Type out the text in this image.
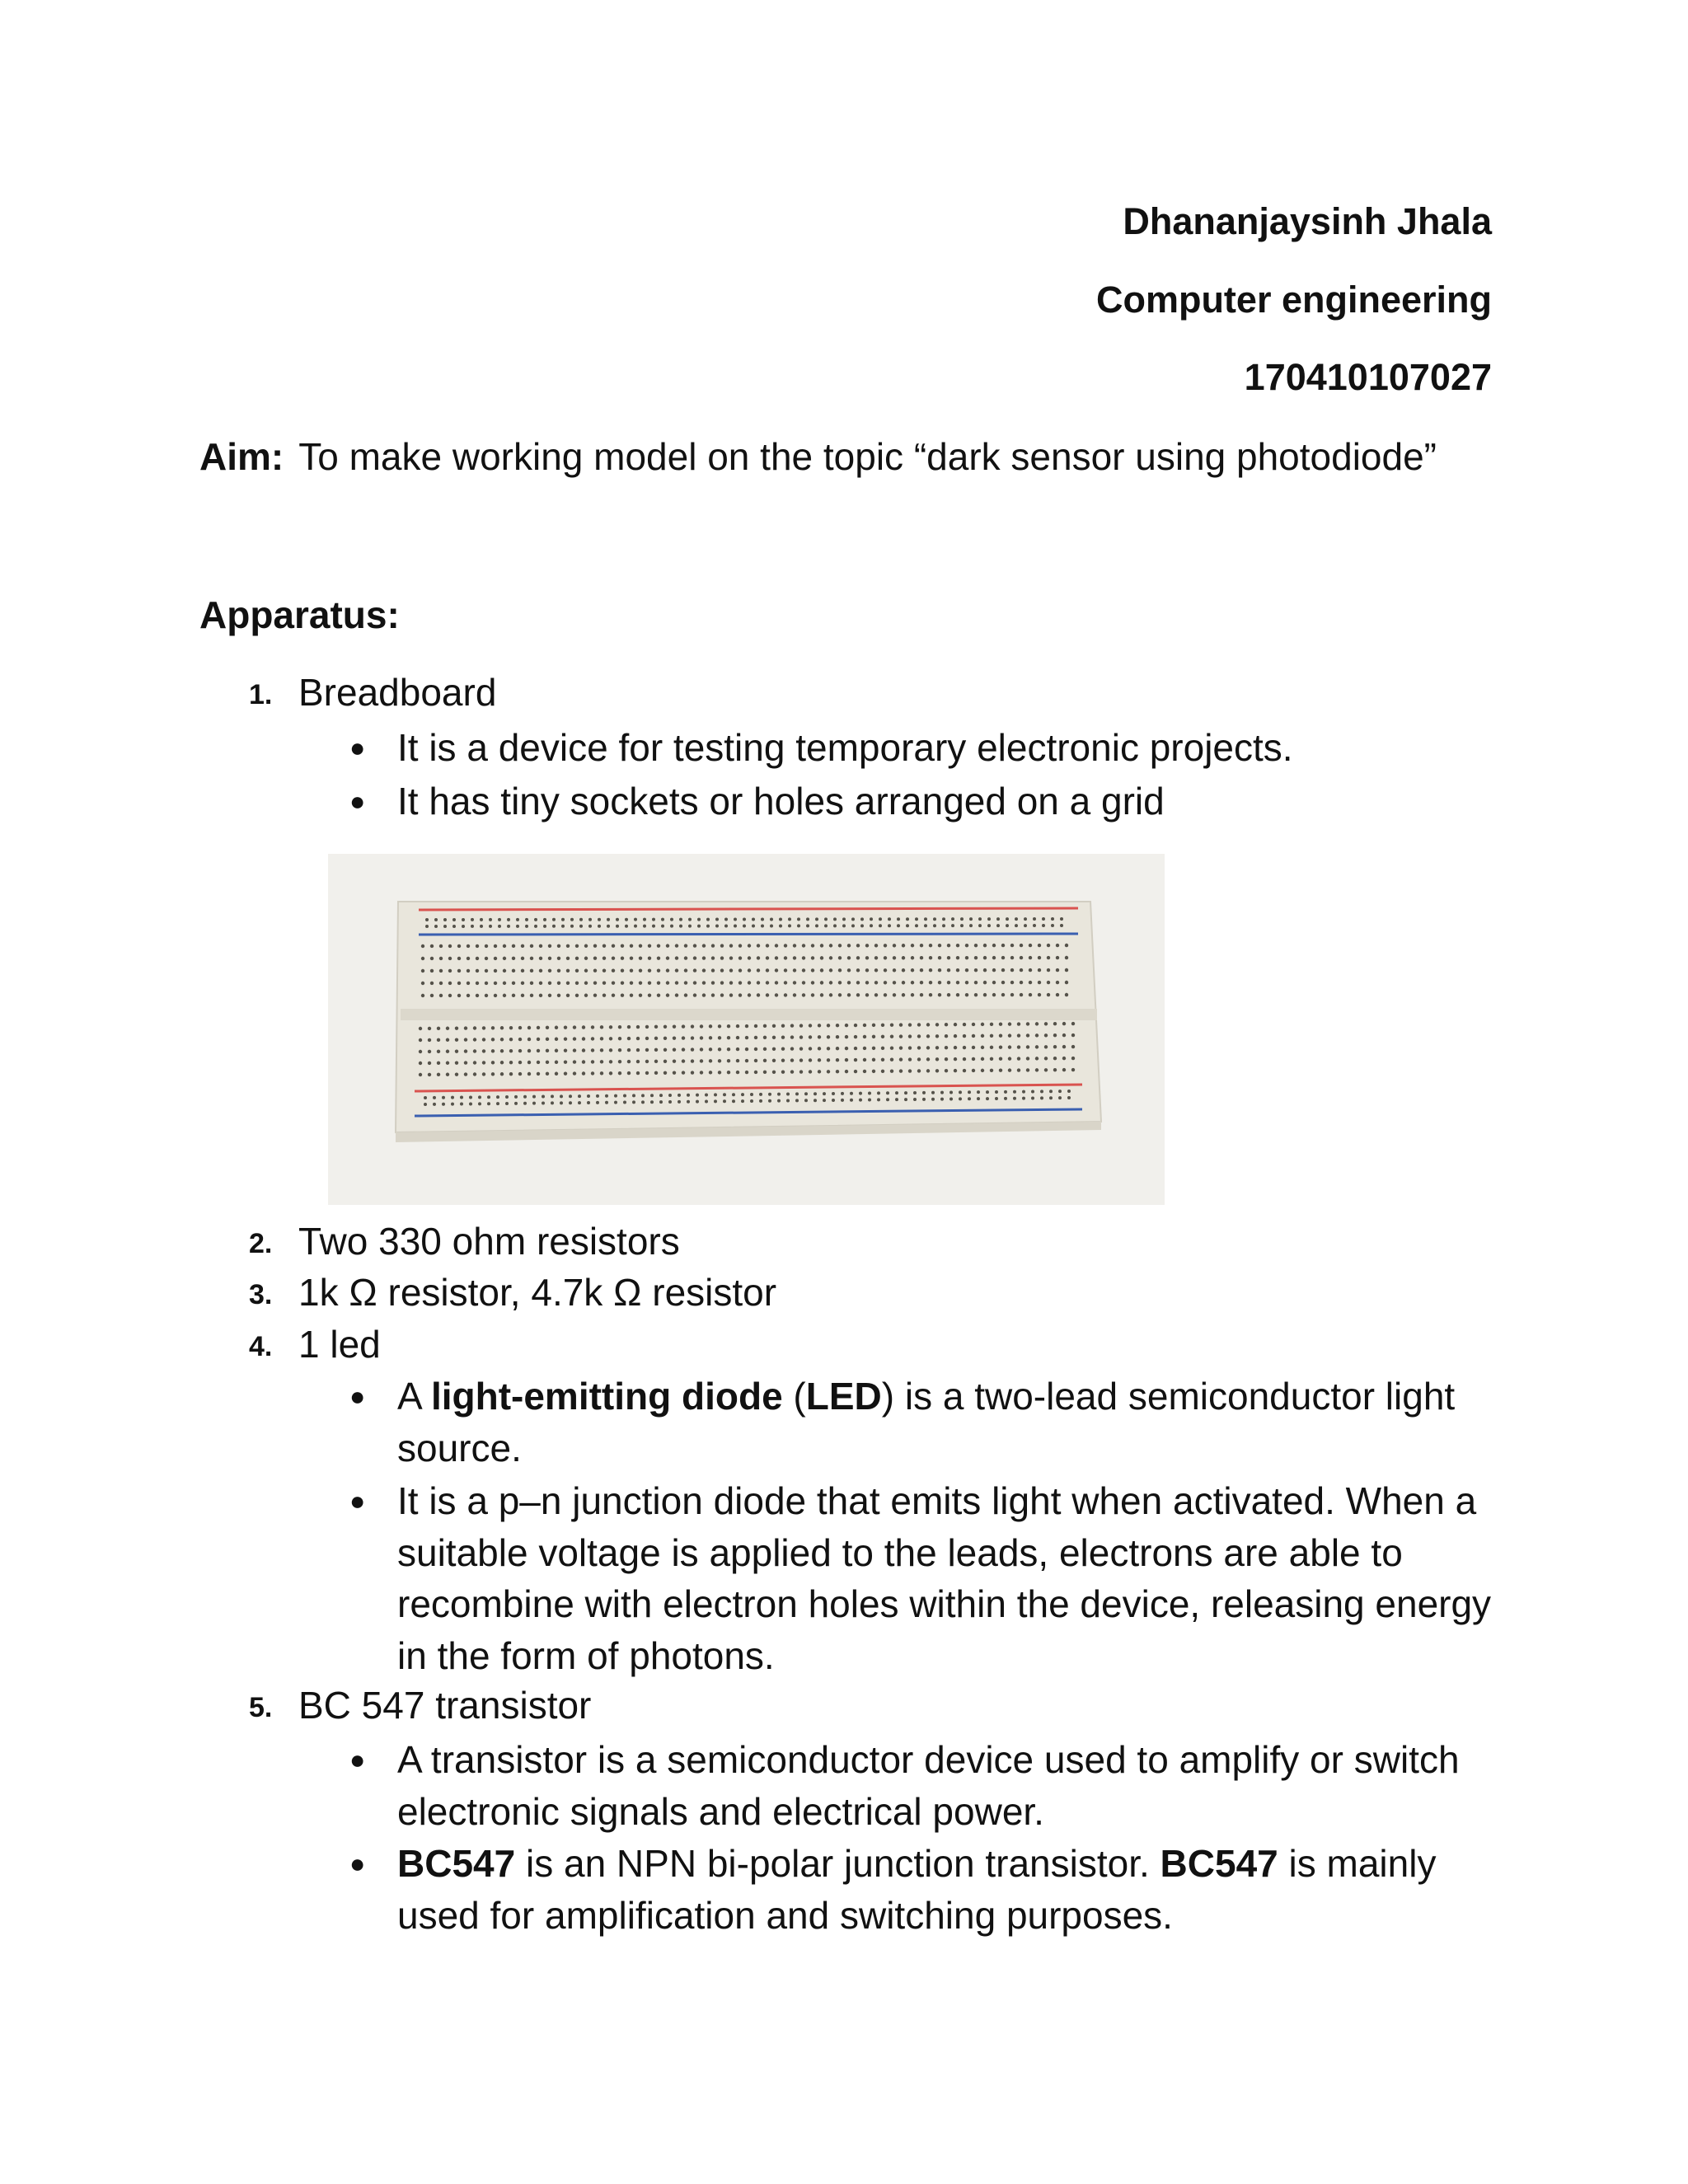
Dhananjaysinh Jhala
Computer engineering
170410107027
Aim: To make working model on the topic “dark sensor using photodiode”
Apparatus:
1. Breadboard
● It is a device for testing temporary electronic projects.
● It has tiny sockets or holes arranged on a grid
2. Two 330 ohm resistors
3. 1k Ω resistor, 4.7k Ω resistor
4. 1 led
● A light-emitting diode (LED) is a two-lead semiconductor light source.
● It is a p–n junction diode that emits light when activated. When a suitable voltage is applied to the leads, electrons are able to recombine with electron holes within the device, releasing energy in the form of photons.
5. BC 547 transistor
● A transistor is a semiconductor device used to amplify or switch electronic signals and electrical power.
● BC547 is an NPN bi-polar junction transistor. BC547 is mainly used for amplification and switching purposes.
